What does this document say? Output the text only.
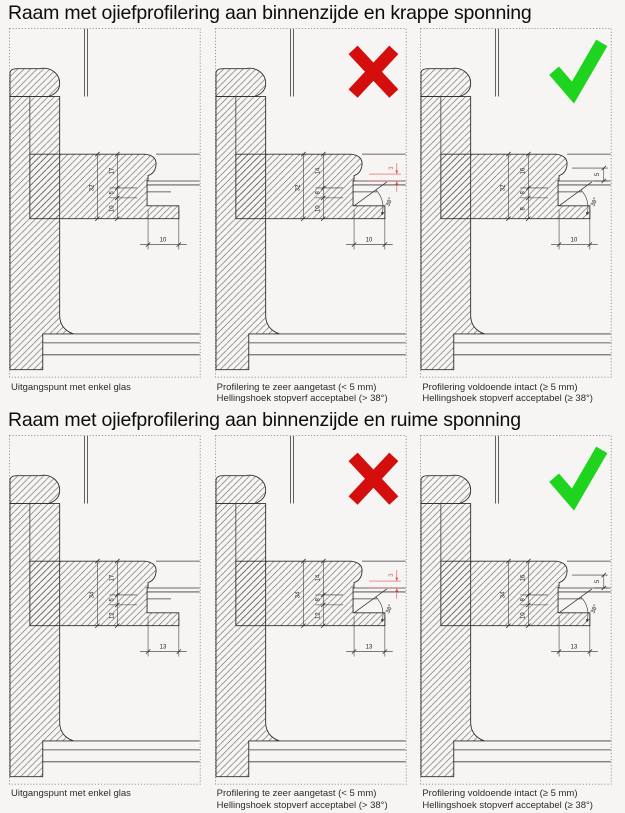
Raam met ojiefprofilering aan binnenzijde en krappe sponning
32
17
5
10
10
Uitgangspunt met enkel glas
32
14
8
10
10
3
38°
Profilering te zeer aangetast (< 5 mm)
Hellingshoek stopverf acceptabel (> 38°)
32
16
8
8
10
5
38°
Profilering voldoende intact (≥ 5 mm)
Hellingshoek stopverf acceptabel (≥ 38°)
Raam met ojiefprofilering aan binnenzijde en ruime sponning
34
17
5
12
13
Uitgangspunt met enkel glas
34
14
8
12
13
3
38°
Profilering te zeer aangetast (< 5 mm)
Hellingshoek stopverf acceptabel (> 38°)
34
16
8
10
13
5
38°
Profilering voldoende intact (≥ 5 mm)
Hellingshoek stopverf acceptabel (≥ 38°)
